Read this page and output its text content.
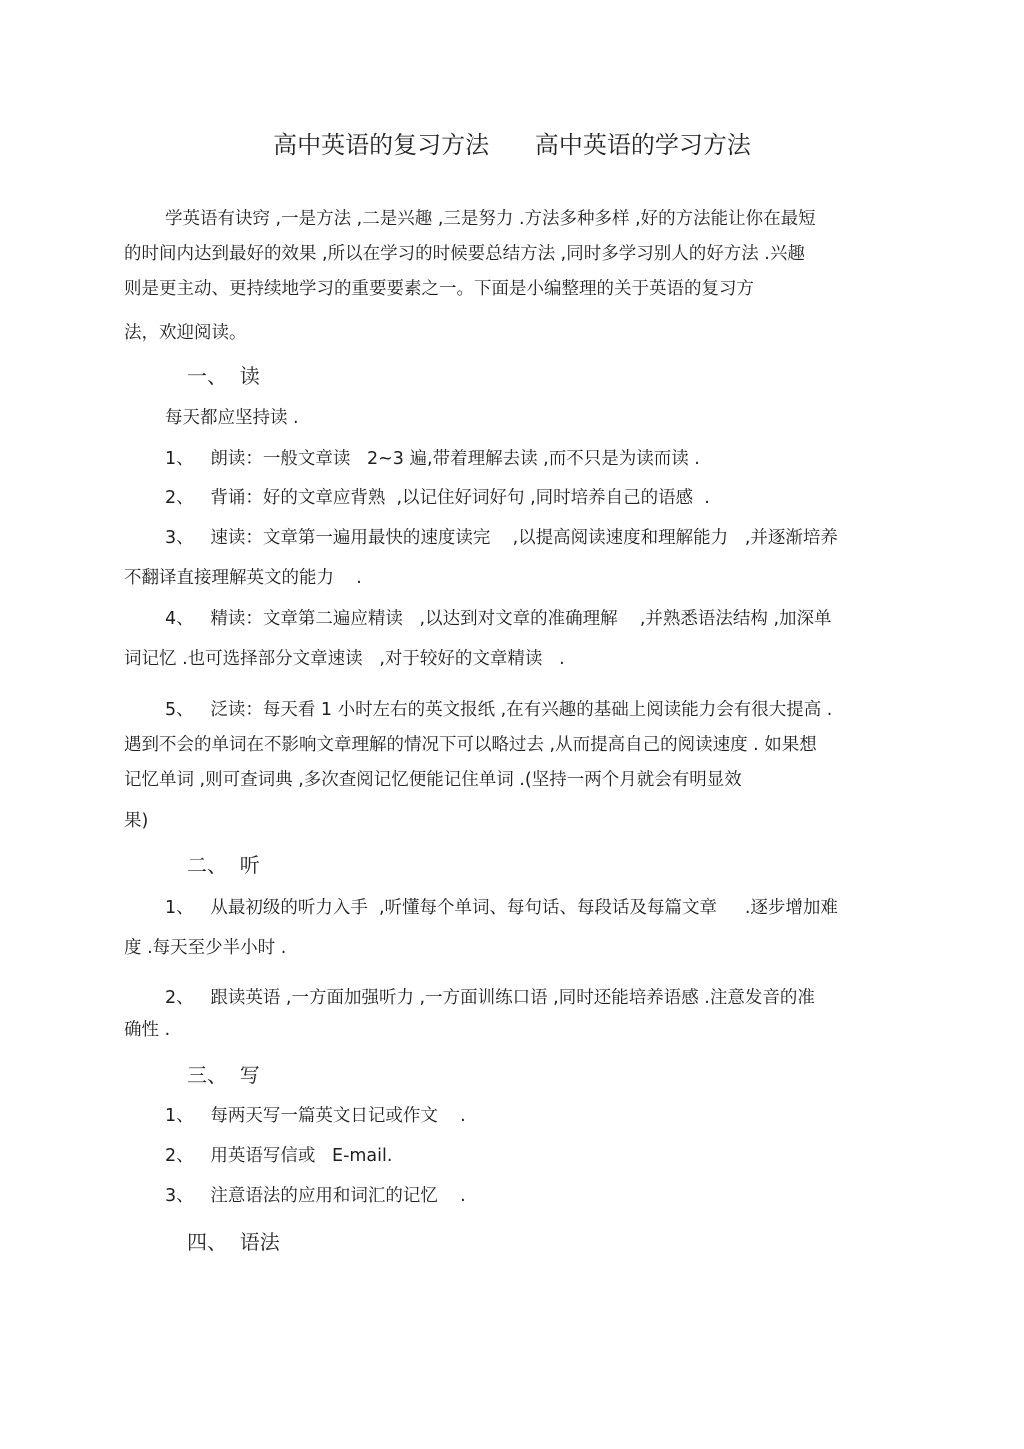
高中英语的复习方法      高中英语的学习方法
学英语有诀窍 ,一是方法 ,二是兴趣 ,三是努力 .方法多种多样 ,好的方法能让你在最短
的时间内达到最好的效果 ,所以在学习的时候要总结方法 ,同时多学习别人的好方法 .兴趣
则是更主动、更持续地学习的重要要素之一。下面是小编整理的关于英语的复习方
法，欢迎阅读。
一、  读
每天都应坚持读 .
1、   朗读：一般文章读   2~3 遍,带着理解去读 ,而不只是为读而读 .
2、   背诵：好的文章应背熟  ,以记住好词好句 ,同时培养自己的语感  .
3、   速读：文章第一遍用最快的速度读完    ,以提高阅读速度和理解能力   ,并逐渐培养
不翻译直接理解英文的能力    .
4、   精读：文章第二遍应精读   ,以达到对文章的准确理解    ,并熟悉语法结构 ,加深单
词记忆 .也可选择部分文章速读   ,对于较好的文章精读   .
5、   泛读：每天看 1 小时左右的英文报纸 ,在有兴趣的基础上阅读能力会有很大提高 .
遇到不会的单词在不影响文章理解的情况下可以略过去 ,从而提高自己的阅读速度 . 如果想
记忆单词 ,则可查词典 ,多次查阅记忆便能记住单词 .(坚持一两个月就会有明显效
果)
二、  听
1、   从最初级的听力入手  ,听懂每个单词、每句话、每段话及每篇文章     .逐步增加难
度 .每天至少半小时 .
2、   跟读英语 ,一方面加强听力 ,一方面训练口语 ,同时还能培养语感 .注意发音的准
确性 .
三、  写
1、   每两天写一篇英文日记或作文    .
2、   用英语写信或   E-mail.
3、   注意语法的应用和词汇的记忆    .
四、  语法
